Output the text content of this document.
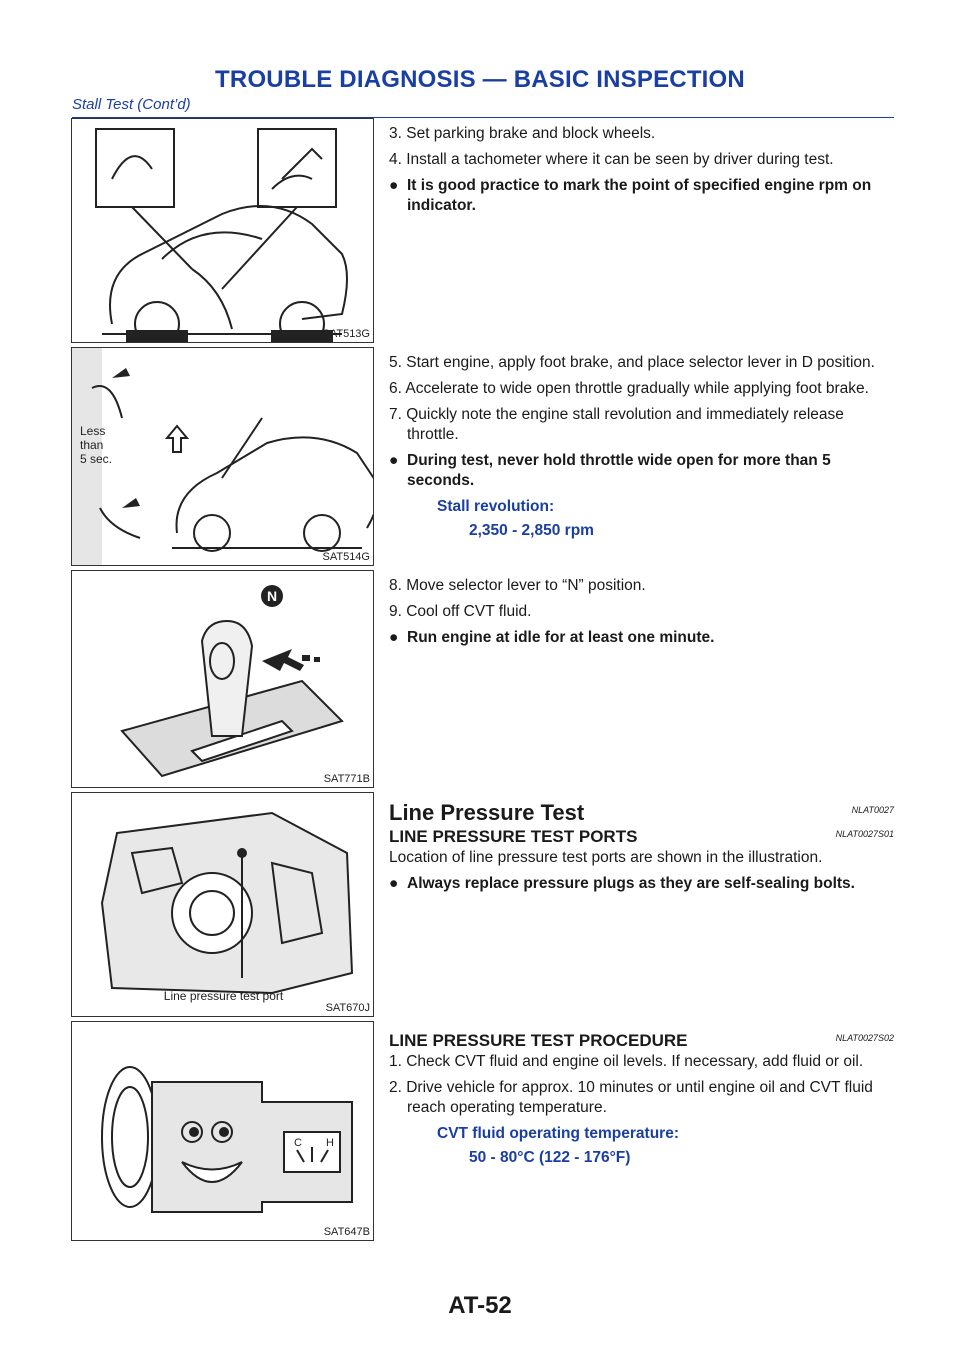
TROUBLE DIAGNOSIS — BASIC INSPECTION
Stall Test (Cont’d)
SAT513G
Less
than
5 sec.
SAT514G
N
Z
SAT771B
Line pressure test port
SAT670J
C H
SAT647B

3. Set parking brake and block wheels.

4. Install a tachometer where it can be seen by driver during test.

● It is good practice to mark the point of specified engine rpm on indicator.

5. Start engine, apply foot brake, and place selector lever in D position.

6. Accelerate to wide open throttle gradually while applying foot brake.

7. Quickly note the engine stall revolution and immediately release throttle.

● During test, never hold throttle wide open for more than 5 seconds.

Stall revolution:

2,350 - 2,850 rpm

8. Move selector lever to “N” position.

9. Cool off CVT fluid.

● Run engine at idle for at least one minute.

Line Pressure Test	NLAT0027
LINE PRESSURE TEST PORTS	NLAT0027S01

Location of line pressure test ports are shown in the illustration.

● Always replace pressure plugs as they are self-sealing bolts.

LINE PRESSURE TEST PROCEDURE	NLAT0027S02

1. Check CVT fluid and engine oil levels. If necessary, add fluid or oil.

2. Drive vehicle for approx. 10 minutes or until engine oil and CVT fluid reach operating temperature.

CVT fluid operating temperature:

50 - 80°C (122 - 176°F)

AT-52
